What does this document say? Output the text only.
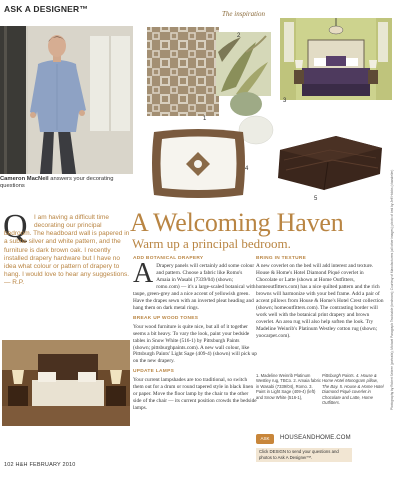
ASK A DESIGNER™	The inspiration
Photography by Robert Sebree (portraits); Michael Paragraph Teachable (bedroom); Courtesy of Manufacturers (all other images); photo of bed by Jeff Hobbs (chandelier)
Cameron MacNeil answers your decorating questions
1
2
3
4
5
Q I am having a difficult time decorating our principal
bedroom. The headboard wall is papered in a subtle silver and white pattern, and the furniture is dark brown oak. I recently installed drapery hardware but I have no idea what colour or pattern of drapery to hang. I would love to hear any suggestions. — R.P.
A Welcoming Haven
Warm up a principal bedroom.
ADD BOTANICAL DRAPERY
A Drapery panels will certainly add some colour and pattern. Choose a fabric like Romo's Amaia in Wasabi (7339/04) (shown; romo.com) — it's a large-scaled botanical with taupe, green-grey and a nice accent of yellowish green. Have the drapes sewn with an inverted pleat heading and hang them on dark metal rings.
BREAK UP WOOD TONES
Your wood furniture is quite nice, but all of it together seems a bit heavy. To vary the look, paint your bedside tables in Snow White (516-1) by Pittsburgh Paints (shown; pittsburghpaints.com). A new wall colour, like Pittsburgh Paints' Light Sage (409-4) (shown) will pick up on the new drapery.
UPDATE LAMPS
Your current lampshades are too traditional, so switch them out for a drum or round tapered style in black linen or paper. Move the floor lamp by the chair to the other side of the chair — its current position crowds the bedside lamps.
BRING IN TEXTURE
A new coverlet on the bed will add interest and texture. House & Home's Hotel Diamond Piqué coverlet in Chocolate or Latte (shown at Home Outfitters, homeoutfitters.com) has a nice quilted pattern and the rich browns will harmonize with your bed frame. Add a pair of accent pillows from House & Home's Hotel Crest collection (shown; homeoutfitters.com). The contrasting border will work well with the botanical print drapery and brown coverlet. An area rug will also help soften the look. Try Madeline Weinrib's Platinum Westley cotton rug (shown; yoocarpet.com).
1. Madeline Weinrib Platinum Westley rug, TBCo. 2. Amaia fabric in Wasabi (7339/04), Romo. 3. Paint in Light Sage (409-4) (left) and Snow White (516-1),
Pittsburgh Paints. 4. House & Home Hotel Monogram pillow, The Bay. 5. House & Home Hotel Diamond Piqué coverlet in Chocolate and Latte, Home Outfitters.
ASK	HOUSEANDHOME.COM
Click DESIGN to send your questions and photos to Ask A Designer™.
102 H&H FEBRUARY 2010
